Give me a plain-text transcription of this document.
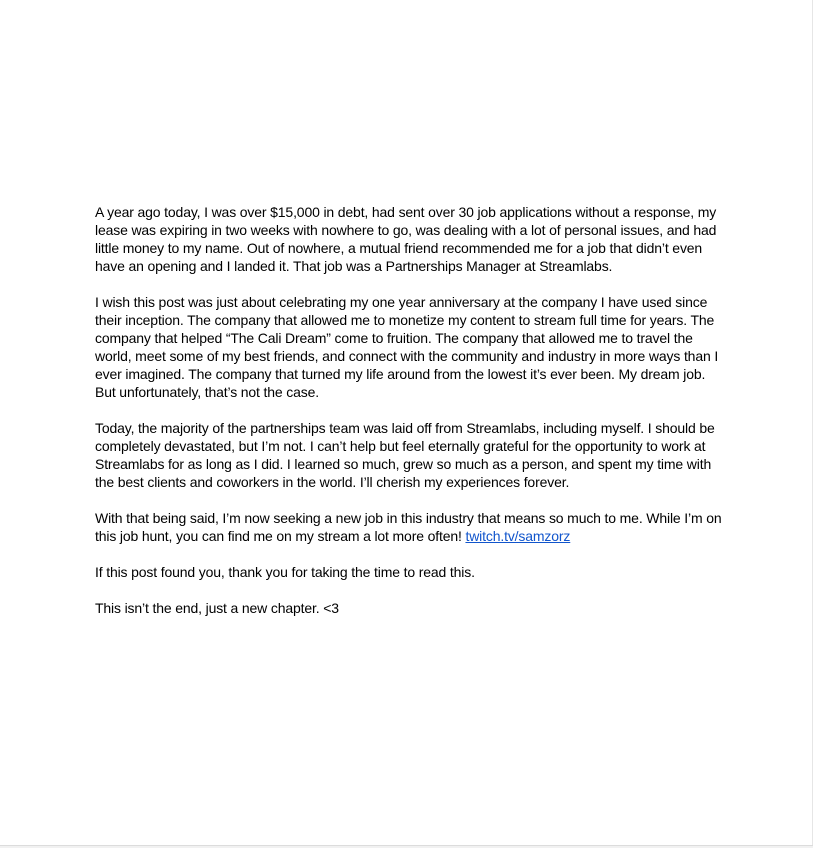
A year ago today, I was over $15,000 in debt, had sent over 30 job applications without a response, my lease was expiring in two weeks with nowhere to go, was dealing with a lot of personal issues, and had little money to my name. Out of nowhere, a mutual friend recommended me for a job that didn’t even have an opening and I landed it. That job was a Partnerships Manager at Streamlabs.

I wish this post was just about celebrating my one year anniversary at the company I have used since their inception. The company that allowed me to monetize my content to stream full time for years. The company that helped “The Cali Dream” come to fruition. The company that allowed me to travel the world, meet some of my best friends, and connect with the community and industry in more ways than I ever imagined. The company that turned my life around from the lowest it’s ever been. My dream job. But unfortunately, that’s not the case.

Today, the majority of the partnerships team was laid off from Streamlabs, including myself. I should be completely devastated, but I’m not. I can’t help but feel eternally grateful for the opportunity to work at Streamlabs for as long as I did. I learned so much, grew so much as a person, and spent my time with the best clients and coworkers in the world. I’ll cherish my experiences forever.

With that being said, I’m now seeking a new job in this industry that means so much to me. While I’m on this job hunt, you can find me on my stream a lot more often! twitch.tv/samzorz

If this post found you, thank you for taking the time to read this.

This isn’t the end, just a new chapter. <3
